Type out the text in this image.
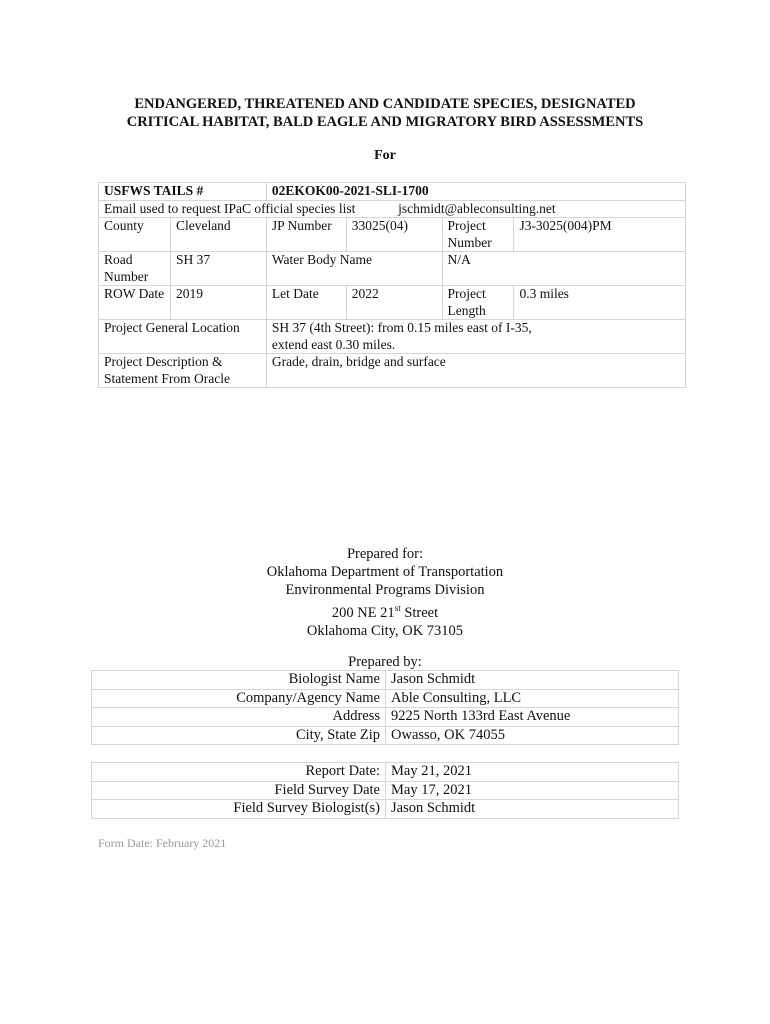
ENDANGERED, THREATENED AND CANDIDATE SPECIES, DESIGNATED
CRITICAL HABITAT, BALD EAGLE AND MIGRATORY BIRD ASSESSMENTS
For
USFWS TAILS #		02EKOK00-2021-SLI-1700			
Email used to request IPaC official species list jschmidt@ableconsulting.net					
County	Cleveland	JP Number	33025(04)	Project Number	J3-3025(004)PM
Road Number	SH 37	Water Body Name		N/A	
ROW Date	2019	Let Date	2022	Project Length	0.3 miles
Project General Location		SH 37 (4th Street): from 0.15 miles east of I-35, extend east 0.30 miles.			

Project Description & Statement From Oracle		Grade, drain, bridge and surface			
Prepared for:
Oklahoma Department of Transportation
Environmental Programs Division
200 NE 21st Street
Oklahoma City, OK 73105
Prepared by:
Biologist Name	Jason Schmidt
Company/Agency Name	Able Consulting, LLC
Address	9225 North 133rd East Avenue
City, State Zip	Owasso, OK 74055
Report Date:	May 21, 2021
Field Survey Date	May 17, 2021
Field Survey Biologist(s)	Jason Schmidt
Form Date: February 2021
